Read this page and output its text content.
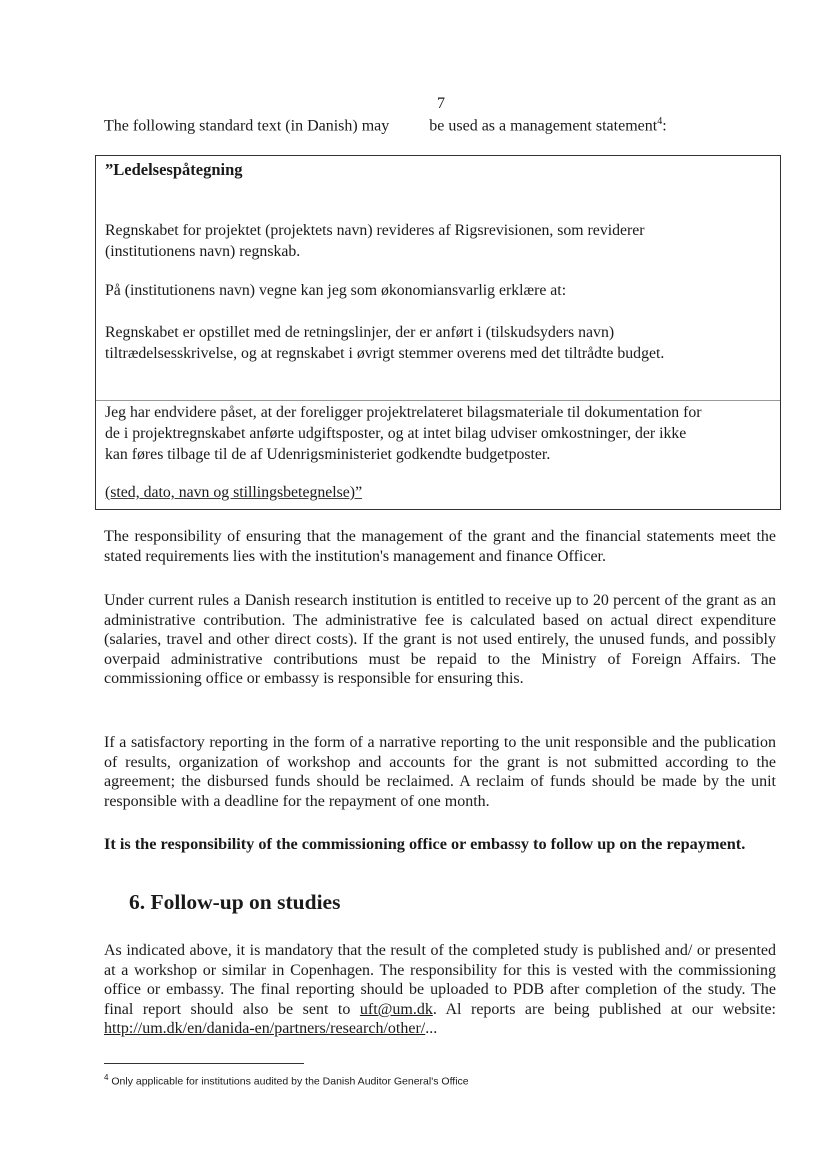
7
The following standard text (in Danish) may	be used as a management statement$^4$:
”Ledelsespåtegning
Regnskabet for projektet (projektets navn) revideres af Rigsrevisionen, som reviderer
(institutionens navn) regnskab.
På (institutionens navn) vegne kan jeg som økonomiansvarlig erklære at:
Regnskabet er opstillet med de retningslinjer, der er anført i (tilskudsyders navn)
tiltrædelsesskrivelse, og at regnskabet i øvrigt stemmer overens med det tiltrådte budget.
Jeg har endvidere påset, at der foreligger projektrelateret bilagsmateriale til dokumentation for
de i projektregnskabet anførte udgiftsposter, og at intet bilag udviser omkostninger, der ikke
kan føres tilbage til de af Udenrigsministeriet godkendte budgetposter.
(sted, dato, navn og stillingsbetegnelse)”
The responsibility of ensuring that the management of the grant and the financial statements meet the stated requirements lies with the institution's management and finance Officer.
Under current rules a Danish research institution is entitled to receive up to 20 percent of the grant as an administrative contribution. The administrative fee is calculated based on actual direct expenditure (salaries, travel and other direct costs). If the grant is not used entirely, the unused funds, and possibly overpaid administrative contributions must be repaid to the Ministry of Foreign Affairs. The commissioning office or embassy is responsible for ensuring this.
If a satisfactory reporting in the form of a narrative reporting to the unit responsible and the publication of results, organization of workshop and accounts for the grant is not submitted according to the agreement; the disbursed funds should be reclaimed. A reclaim of funds should be made by the unit responsible with a deadline for the repayment of one month.
It is the responsibility of the commissioning office or embassy to follow up on the repayment.
6. Follow-up on studies
As indicated above, it is mandatory that the result of the completed study is published and/ or presented at a workshop or similar in Copenhagen. The responsibility for this is vested with the commissioning office or embassy. The final reporting should be uploaded to PDB after completion of the study. The final report should also be sent to uft@um.dk. Al reports are being published at our website: http://um.dk/en/danida-en/partners/research/other/...
$^4$ Only applicable for institutions audited by the Danish Auditor General's Office
